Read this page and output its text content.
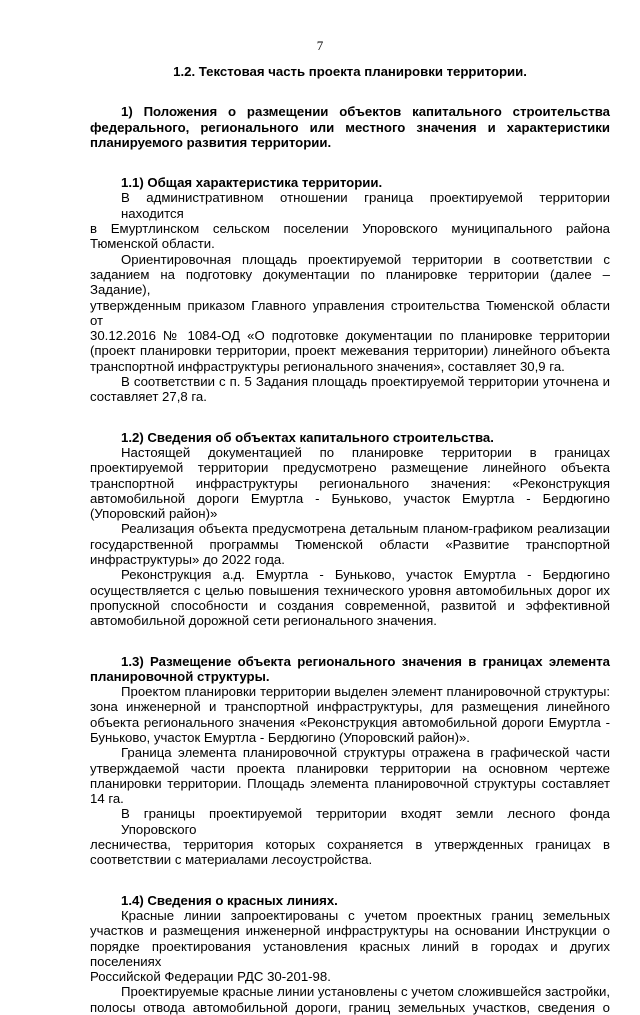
7

1.2. Текстовая часть проекта планировки территории.

1) Положения о размещении объектов капитального строительства

федерального, регионального или местного значения и характеристики

планируемого развития территории.

1.1) Общая характеристика территории.

В административном отношении граница проектируемой территории находится

в Емуртлинском сельском поселении Упоровского муниципального района

Тюменской области.

Ориентировочная площадь проектируемой территории в соответствии с

заданием на подготовку документации по планировке территории (далее – Задание),

утвержденным приказом Главного управления строительства Тюменской области от

30.12.2016 № 1084-ОД «О подготовке документации по планировке территории

(проект планировки территории, проект межевания территории) линейного объекта

транспортной инфраструктуры регионального значения», составляет 30,9 га.

В соответствии с п. 5 Задания площадь проектируемой территории уточнена и

составляет 27,8 га.

1.2) Сведения об объектах капитального строительства.

Настоящей документацией по планировке территории в границах

проектируемой территории предусмотрено размещение линейного объекта

транспортной инфраструктуры регионального значения: «Реконструкция

автомобильной дороги Емуртла - Буньково, участок Емуртла - Бердюгино

(Упоровский район)»

Реализация объекта предусмотрена детальным планом-графиком реализации

государственной программы Тюменской области «Развитие транспортной

инфраструктуры» до 2022 года.

Реконструкция а.д. Емуртла - Буньково, участок Емуртла - Бердюгино

осуществляется с целью повышения технического уровня автомобильных дорог их

пропускной способности и создания современной, развитой и эффективной

автомобильной дорожной сети регионального значения.

1.3) Размещение объекта регионального значения в границах элемента

планировочной структуры.

Проектом планировки территории выделен элемент планировочной структуры:

зона инженерной и транспортной инфраструктуры, для размещения линейного

объекта регионального значения «Реконструкция автомобильной дороги Емуртла -

Буньково, участок Емуртла - Бердюгино (Упоровский район)».

Граница элемента планировочной структуры отражена в графической части

утверждаемой части проекта планировки территории на основном чертеже

планировки территории. Площадь элемента планировочной структуры составляет

14 га.

В границы проектируемой территории входят земли лесного фонда Упоровского

лесничества, территория которых сохраняется в утвержденных границах в

соответствии с материалами лесоустройства.

1.4) Сведения о красных линиях.

Красные линии запроектированы с учетом проектных границ земельных

участков и размещения инженерной инфраструктуры на основании Инструкции о

порядке проектирования установления красных линий в городах и других поселениях

Российской Федерации РДС 30-201-98.

Проектируемые красные линии установлены с учетом сложившейся застройки,

полосы отвода автомобильной дороги, границ земельных участков, сведения о
